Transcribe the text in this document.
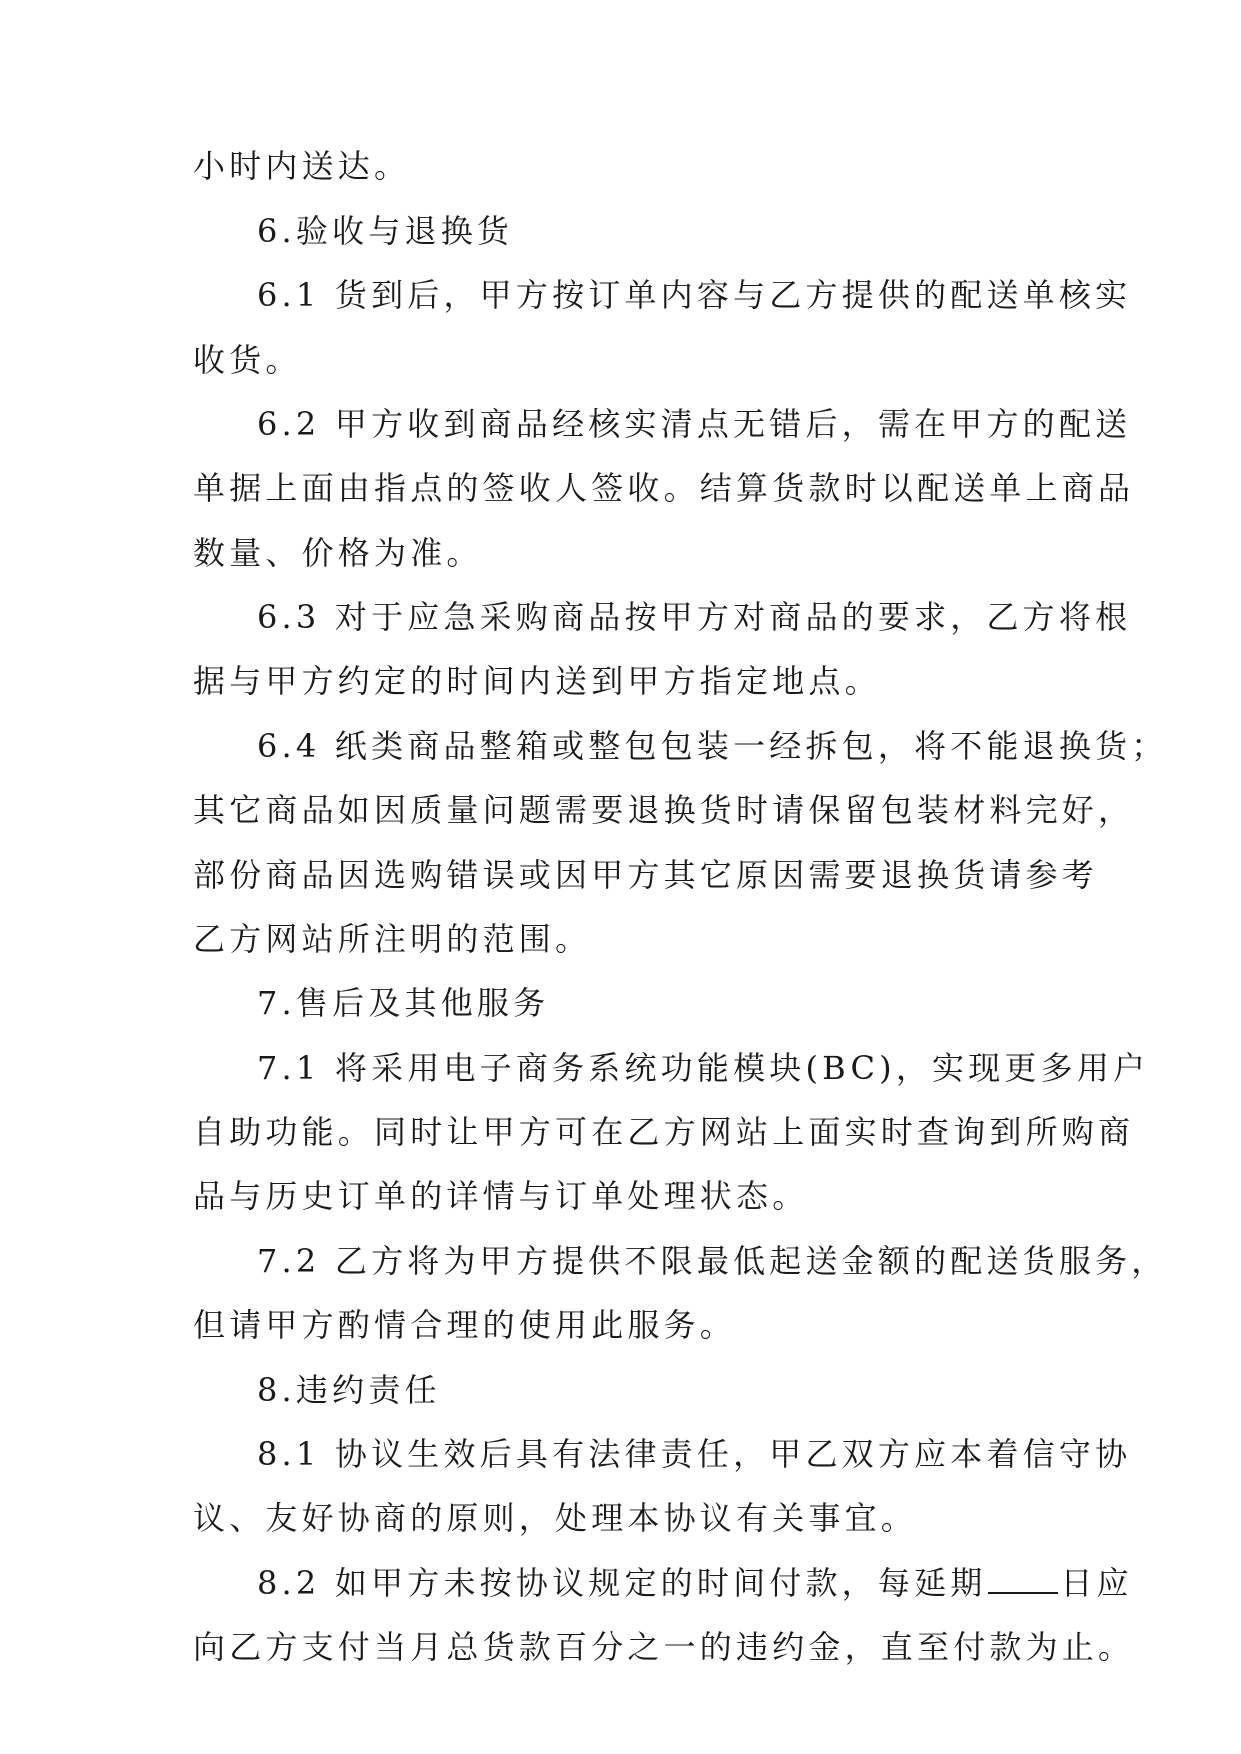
小时内送达。
6.验收与退换货
6.1 货到后，甲方按订单内容与乙方提供的配送单核实
收货。
6.2 甲方收到商品经核实清点无错后，需在甲方的配送
单据上面由指点的签收人签收。结算货款时以配送单上商品
数量、价格为准。
6.3 对于应急采购商品按甲方对商品的要求，乙方将根
据与甲方约定的时间内送到甲方指定地点。
6.4 纸类商品整箱或整包包装一经拆包，将不能退换货；
其它商品如因质量问题需要退换货时请保留包装材料完好，
部份商品因选购错误或因甲方其它原因需要退换货请参考
乙方网站所注明的范围。
7.售后及其他服务
7.1 将采用电子商务系统功能模块(BC)，实现更多用户
自助功能。同时让甲方可在乙方网站上面实时查询到所购商
品与历史订单的详情与订单处理状态。
7.2 乙方将为甲方提供不限最低起送金额的配送货服务，
但请甲方酌情合理的使用此服务。
8.违约责任
8.1 协议生效后具有法律责任，甲乙双方应本着信守协
议、友好协商的原则，处理本协议有关事宜。
8.2 如甲方未按协议规定的时间付款，每延期 日应
向乙方支付当月总货款百分之一的违约金，直至付款为止。
